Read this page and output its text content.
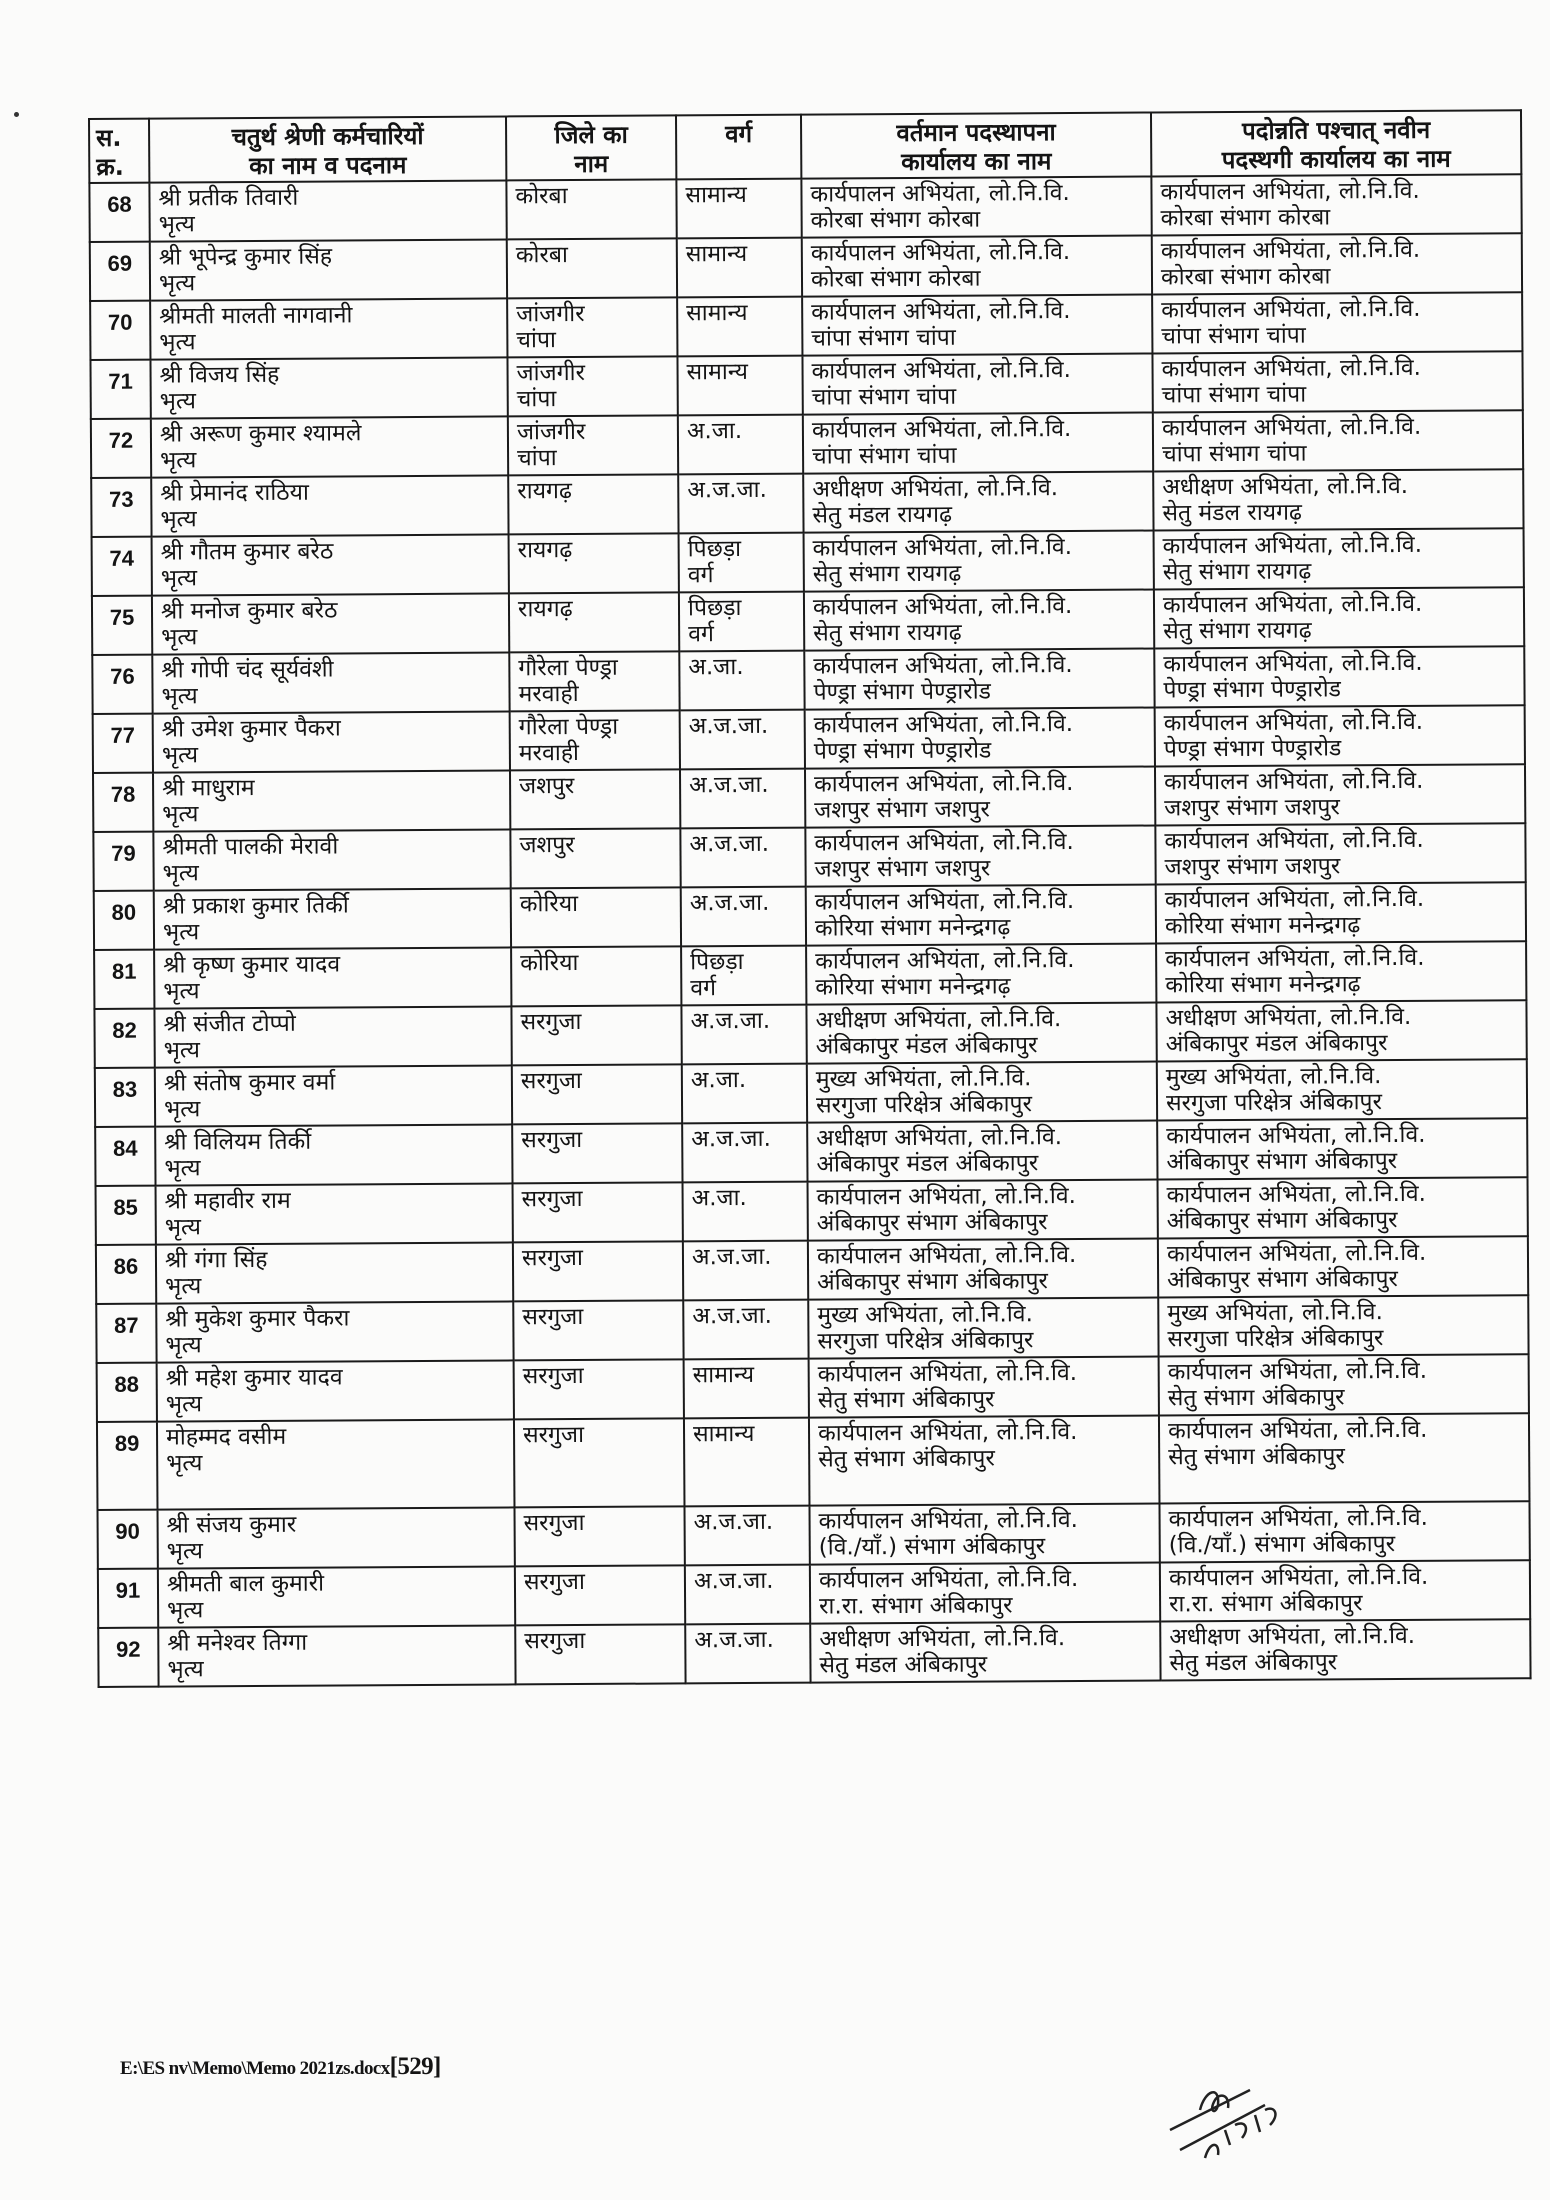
स.
क्र.	चतुर्थ श्रेणी कर्मचारियों
का नाम व पदनाम	जिले का
नाम	वर्ग	वर्तमान पदस्थापना
कार्यालय का नाम	पदोन्नति पश्चात् नवीन
पदस्थगी कार्यालय का नाम

68	श्री प्रतीक तिवारी
भृत्य	कोरबा	सामान्य	कार्यपालन अभियंता, लो.नि.वि.
कोरबा संभाग कोरबा	कार्यपालन अभियंता, लो.नि.वि.
कोरबा संभाग कोरबा

69	श्री भूपेन्द्र कुमार सिंह
भृत्य	कोरबा	सामान्य	कार्यपालन अभियंता, लो.नि.वि.
कोरबा संभाग कोरबा	कार्यपालन अभियंता, लो.नि.वि.
कोरबा संभाग कोरबा

70	श्रीमती मालती नागवानी
भृत्य	जांजगीर
चांपा	सामान्य	कार्यपालन अभियंता, लो.नि.वि.
चांपा संभाग चांपा	कार्यपालन अभियंता, लो.नि.वि.
चांपा संभाग चांपा

71	श्री विजय सिंह
भृत्य	जांजगीर
चांपा	सामान्य	कार्यपालन अभियंता, लो.नि.वि.
चांपा संभाग चांपा	कार्यपालन अभियंता, लो.नि.वि.
चांपा संभाग चांपा

72	श्री अरूण कुमार श्यामले
भृत्य	जांजगीर
चांपा	अ.जा.	कार्यपालन अभियंता, लो.नि.वि.
चांपा संभाग चांपा	कार्यपालन अभियंता, लो.नि.वि.
चांपा संभाग चांपा

73	श्री प्रेमानंद राठिया
भृत्य	रायगढ़	अ.ज.जा.	अधीक्षण अभियंता, लो.नि.वि.
सेतु मंडल रायगढ़	अधीक्षण अभियंता, लो.नि.वि.
सेतु मंडल रायगढ़

74	श्री गौतम कुमार बरेठ
भृत्य	रायगढ़	पिछड़ा
वर्ग	कार्यपालन अभियंता, लो.नि.वि.
सेतु संभाग रायगढ़	कार्यपालन अभियंता, लो.नि.वि.
सेतु संभाग रायगढ़

75	श्री मनोज कुमार बरेठ
भृत्य	रायगढ़	पिछड़ा
वर्ग	कार्यपालन अभियंता, लो.नि.वि.
सेतु संभाग रायगढ़	कार्यपालन अभियंता, लो.नि.वि.
सेतु संभाग रायगढ़

76	श्री गोपी चंद सूर्यवंशी
भृत्य	गौरेला पेण्ड्रा
मरवाही	अ.जा.	कार्यपालन अभियंता, लो.नि.वि.
पेण्ड्रा संभाग पेण्ड्रारोड	कार्यपालन अभियंता, लो.नि.वि.
पेण्ड्रा संभाग पेण्ड्रारोड

77	श्री उमेश कुमार पैकरा
भृत्य	गौरेला पेण्ड्रा
मरवाही	अ.ज.जा.	कार्यपालन अभियंता, लो.नि.वि.
पेण्ड्रा संभाग पेण्ड्रारोड	कार्यपालन अभियंता, लो.नि.वि.
पेण्ड्रा संभाग पेण्ड्रारोड

78	श्री माधुराम
भृत्य	जशपुर	अ.ज.जा.	कार्यपालन अभियंता, लो.नि.वि.
जशपुर संभाग जशपुर	कार्यपालन अभियंता, लो.नि.वि.
जशपुर संभाग जशपुर

79	श्रीमती पालकी मेरावी
भृत्य	जशपुर	अ.ज.जा.	कार्यपालन अभियंता, लो.नि.वि.
जशपुर संभाग जशपुर	कार्यपालन अभियंता, लो.नि.वि.
जशपुर संभाग जशपुर

80	श्री प्रकाश कुमार तिर्की
भृत्य	कोरिया	अ.ज.जा.	कार्यपालन अभियंता, लो.नि.वि.
कोरिया संभाग मनेन्द्रगढ़	कार्यपालन अभियंता, लो.नि.वि.
कोरिया संभाग मनेन्द्रगढ़

81	श्री कृष्ण कुमार यादव
भृत्य	कोरिया	पिछड़ा
वर्ग	कार्यपालन अभियंता, लो.नि.वि.
कोरिया संभाग मनेन्द्रगढ़	कार्यपालन अभियंता, लो.नि.वि.
कोरिया संभाग मनेन्द्रगढ़

82	श्री संजीत टोप्पो
भृत्य	सरगुजा	अ.ज.जा.	अधीक्षण अभियंता, लो.नि.वि.
अंबिकापुर मंडल अंबिकापुर	अधीक्षण अभियंता, लो.नि.वि.
अंबिकापुर मंडल अंबिकापुर

83	श्री संतोष कुमार वर्मा
भृत्य	सरगुजा	अ.जा.	मुख्य अभियंता, लो.नि.वि.
सरगुजा परिक्षेत्र अंबिकापुर	मुख्य अभियंता, लो.नि.वि.
सरगुजा परिक्षेत्र अंबिकापुर

84	श्री विलियम तिर्की
भृत्य	सरगुजा	अ.ज.जा.	अधीक्षण अभियंता, लो.नि.वि.
अंबिकापुर मंडल अंबिकापुर	कार्यपालन अभियंता, लो.नि.वि.
अंबिकापुर संभाग अंबिकापुर

85	श्री महावीर राम
भृत्य	सरगुजा	अ.जा.	कार्यपालन अभियंता, लो.नि.वि.
अंबिकापुर संभाग अंबिकापुर	कार्यपालन अभियंता, लो.नि.वि.
अंबिकापुर संभाग अंबिकापुर

86	श्री गंगा सिंह
भृत्य	सरगुजा	अ.ज.जा.	कार्यपालन अभियंता, लो.नि.वि.
अंबिकापुर संभाग अंबिकापुर	कार्यपालन अभियंता, लो.नि.वि.
अंबिकापुर संभाग अंबिकापुर

87	श्री मुकेश कुमार पैकरा
भृत्य	सरगुजा	अ.ज.जा.	मुख्य अभियंता, लो.नि.वि.
सरगुजा परिक्षेत्र अंबिकापुर	मुख्य अभियंता, लो.नि.वि.
सरगुजा परिक्षेत्र अंबिकापुर

88	श्री महेश कुमार यादव
भृत्य	सरगुजा	सामान्य	कार्यपालन अभियंता, लो.नि.वि.
सेतु संभाग अंबिकापुर	कार्यपालन अभियंता, लो.नि.वि.
सेतु संभाग अंबिकापुर

89	मोहम्मद वसीम
भृत्य	सरगुजा	सामान्य	कार्यपालन अभियंता, लो.नि.वि.
सेतु संभाग अंबिकापुर	कार्यपालन अभियंता, लो.नि.वि.
सेतु संभाग अंबिकापुर

90	श्री संजय कुमार
भृत्य	सरगुजा	अ.ज.जा.	कार्यपालन अभियंता, लो.नि.वि.
(वि./याँ.) संभाग अंबिकापुर	कार्यपालन अभियंता, लो.नि.वि.
(वि./याँ.) संभाग अंबिकापुर

91	श्रीमती बाल कुमारी
भृत्य	सरगुजा	अ.ज.जा.	कार्यपालन अभियंता, लो.नि.वि.
रा.रा. संभाग अंबिकापुर	कार्यपालन अभियंता, लो.नि.वि.
रा.रा. संभाग अंबिकापुर

92	श्री मनेश्वर तिग्गा
भृत्य	सरगुजा	अ.ज.जा.	अधीक्षण अभियंता, लो.नि.वि.
सेतु मंडल अंबिकापुर	अधीक्षण अभियंता, लो.नि.वि.
सेतु मंडल अंबिकापुर
E:\ES nv\Memo\Memo 2021zs.docx[529]
